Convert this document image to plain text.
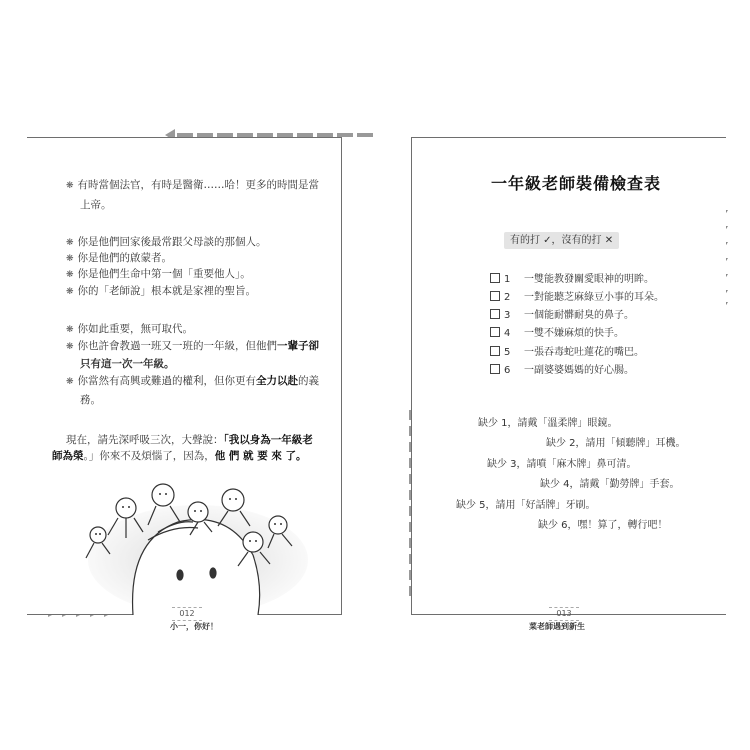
❋ 有時當個法官，有時是醫衛……哈！更多的時間是當
上帝。
❋ 你是他們回家後最常跟父母談的那個人。
❋ 你是他們的啟蒙者。
❋ 你是他們生命中第一個「重要他人」。
❋ 你的「老師說」根本就是家裡的聖旨。
❋ 你如此重要，無可取代。
❋ 你也許會教過一班又一班的一年級，但他們一輩子卻
只有這一次一年級。
❋ 你當然有高興或難過的權利，但你更有全力以赴的義
務。
現在，請先深呼吸三次，大聲說：「我以身為一年級老
師為榮。」你來不及煩惱了，因為，他 們 就 要 來 了。
012
小一，你好！
一年級老師裝備檢查表
有的打 ✓，沒有的打 ✕
1 一雙能教發關愛眼神的明眸。
2 一對能聽芝麻綠豆小事的耳朵。
3 一個能耐髒耐臭的鼻子。
4 一雙不嫌麻煩的快手。
5 一張吞毒蛇吐蓮花的嘴巴。
6 一副婆婆媽媽的好心腸。
缺少 1，請戴「溫柔牌」眼鏡。
缺少 2，請用「傾聽牌」耳機。
缺少 3，請噴「麻木牌」鼻可清。
缺少 4，請戴「勤勞牌」手套。
缺少 5，請用「好話牌」牙刷。
缺少 6，嘿！算了，轉行吧！
013
菜老師遇到新生
